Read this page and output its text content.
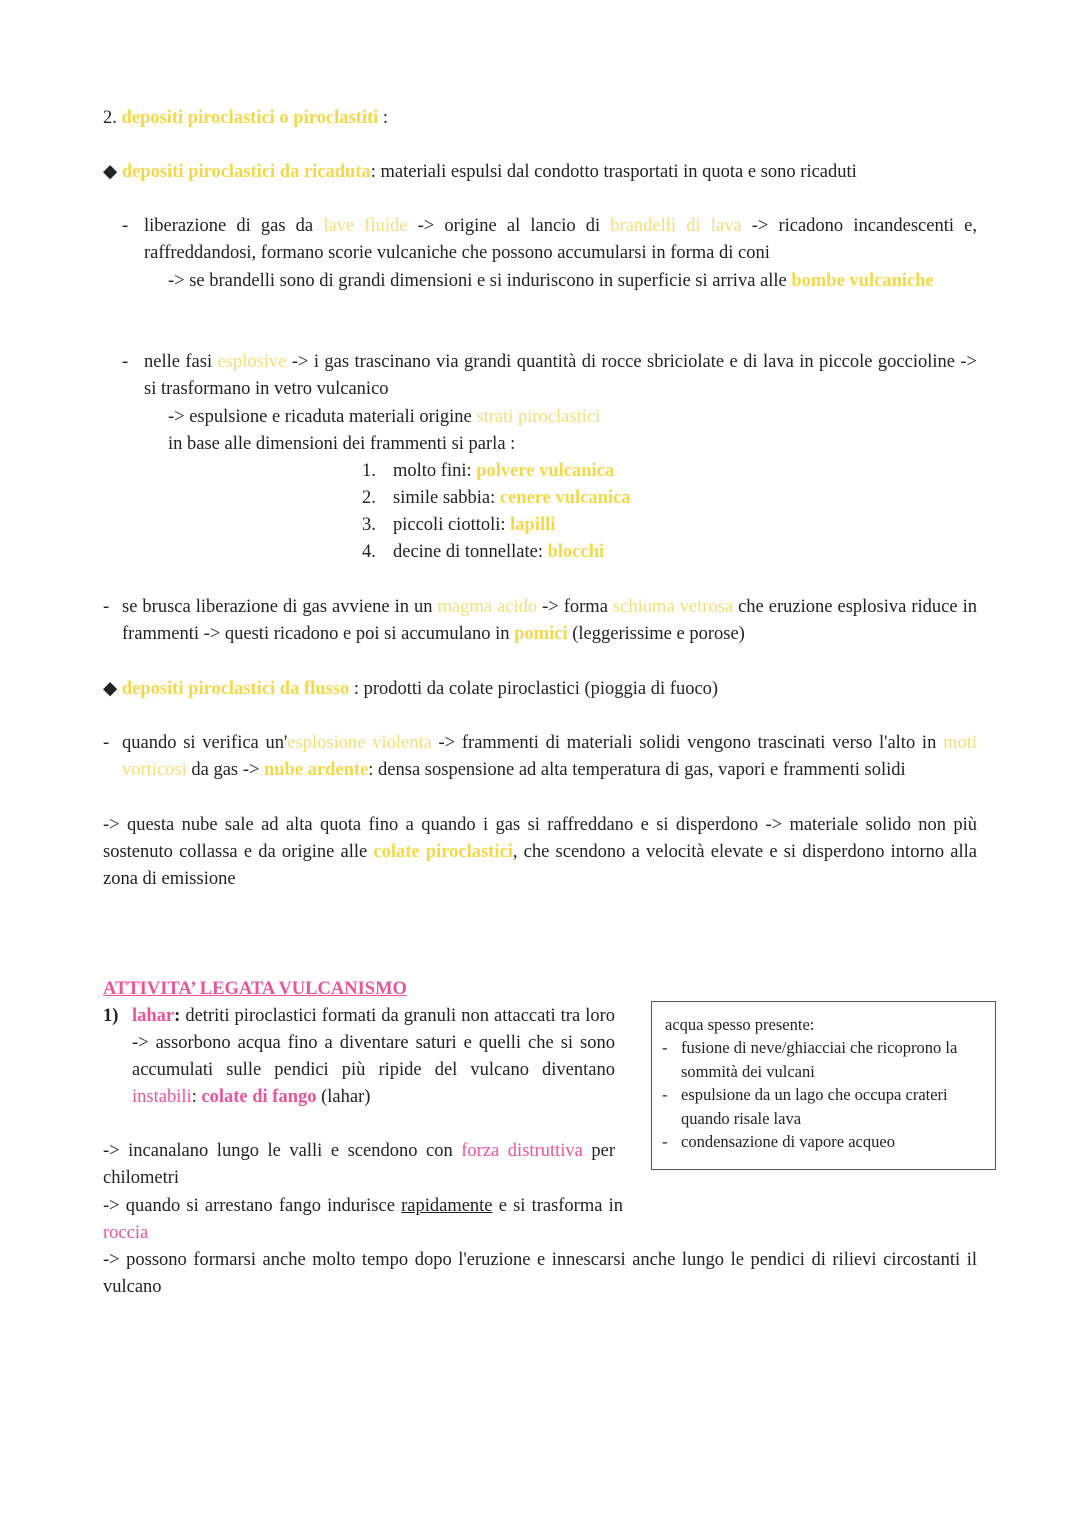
2. depositi piroclastici o piroclastiti :
◆ depositi piroclastici da ricaduta: materiali espulsi dal condotto trasportati in quota e sono ricaduti
- liberazione di gas da lave fluide -> origine al lancio di brandelli di lava -> ricadono incandescenti e, raffreddandosi, formano scorie vulcaniche che possono accumularsi in forma di coni
-> se brandelli sono di grandi dimensioni e si induriscono in superficie si arriva alle bombe vulcaniche
- nelle fasi esplosive -> i gas trascinano via grandi quantità di rocce sbriciolate e di lava in piccole goccioline -> si trasformano in vetro vulcanico
-> espulsione e ricaduta materiali origine strati piroclastici
in base alle dimensioni dei frammenti si parla :
1. molto fini: polvere vulcanica
2. simile sabbia: cenere vulcanica
3. piccoli ciottoli: lapilli
4. decine di tonnellate: blocchi
- se brusca liberazione di gas avviene in un magma acido -> forma schiuma vetrosa che eruzione esplosiva riduce in frammenti -> questi ricadono e poi si accumulano in pomici (leggerissime e porose)
◆ depositi piroclastici da flusso : prodotti da colate piroclastici (pioggia di fuoco)
- quando si verifica un'esplosione violenta -> frammenti di materiali solidi vengono trascinati verso l'alto in moti vorticosi da gas -> nube ardente: densa sospensione ad alta temperatura di gas, vapori e frammenti solidi
-> questa nube sale ad alta quota fino a quando i gas si raffreddano e si disperdono -> materiale solido non più sostenuto collassa e da origine alle colate piroclastici, che scendono a velocità elevate e si disperdono intorno alla zona di emissione
ATTIVITA’ LEGATA VULCANISMO
1) lahar: detriti piroclastici formati da granuli non attaccati tra loro -> assorbono acqua fino a diventare saturi e quelli che si sono accumulati sulle pendici più ripide del vulcano diventano instabili: colate di fango (lahar)
-> incanalano lungo le valli e scendono con forza distruttiva per chilometri
-> quando si arrestano fango indurisce rapidamente e si trasforma in roccia
-> possono formarsi anche molto tempo dopo l'eruzione e innescarsi anche lungo le pendici di rilievi circostanti il vulcano
acqua spesso presente:
- fusione di neve/ghiacciai che ricoprono la sommità dei vulcani
- espulsione da un lago che occupa crateri quando risale lava
- condensazione di vapore acqueo
